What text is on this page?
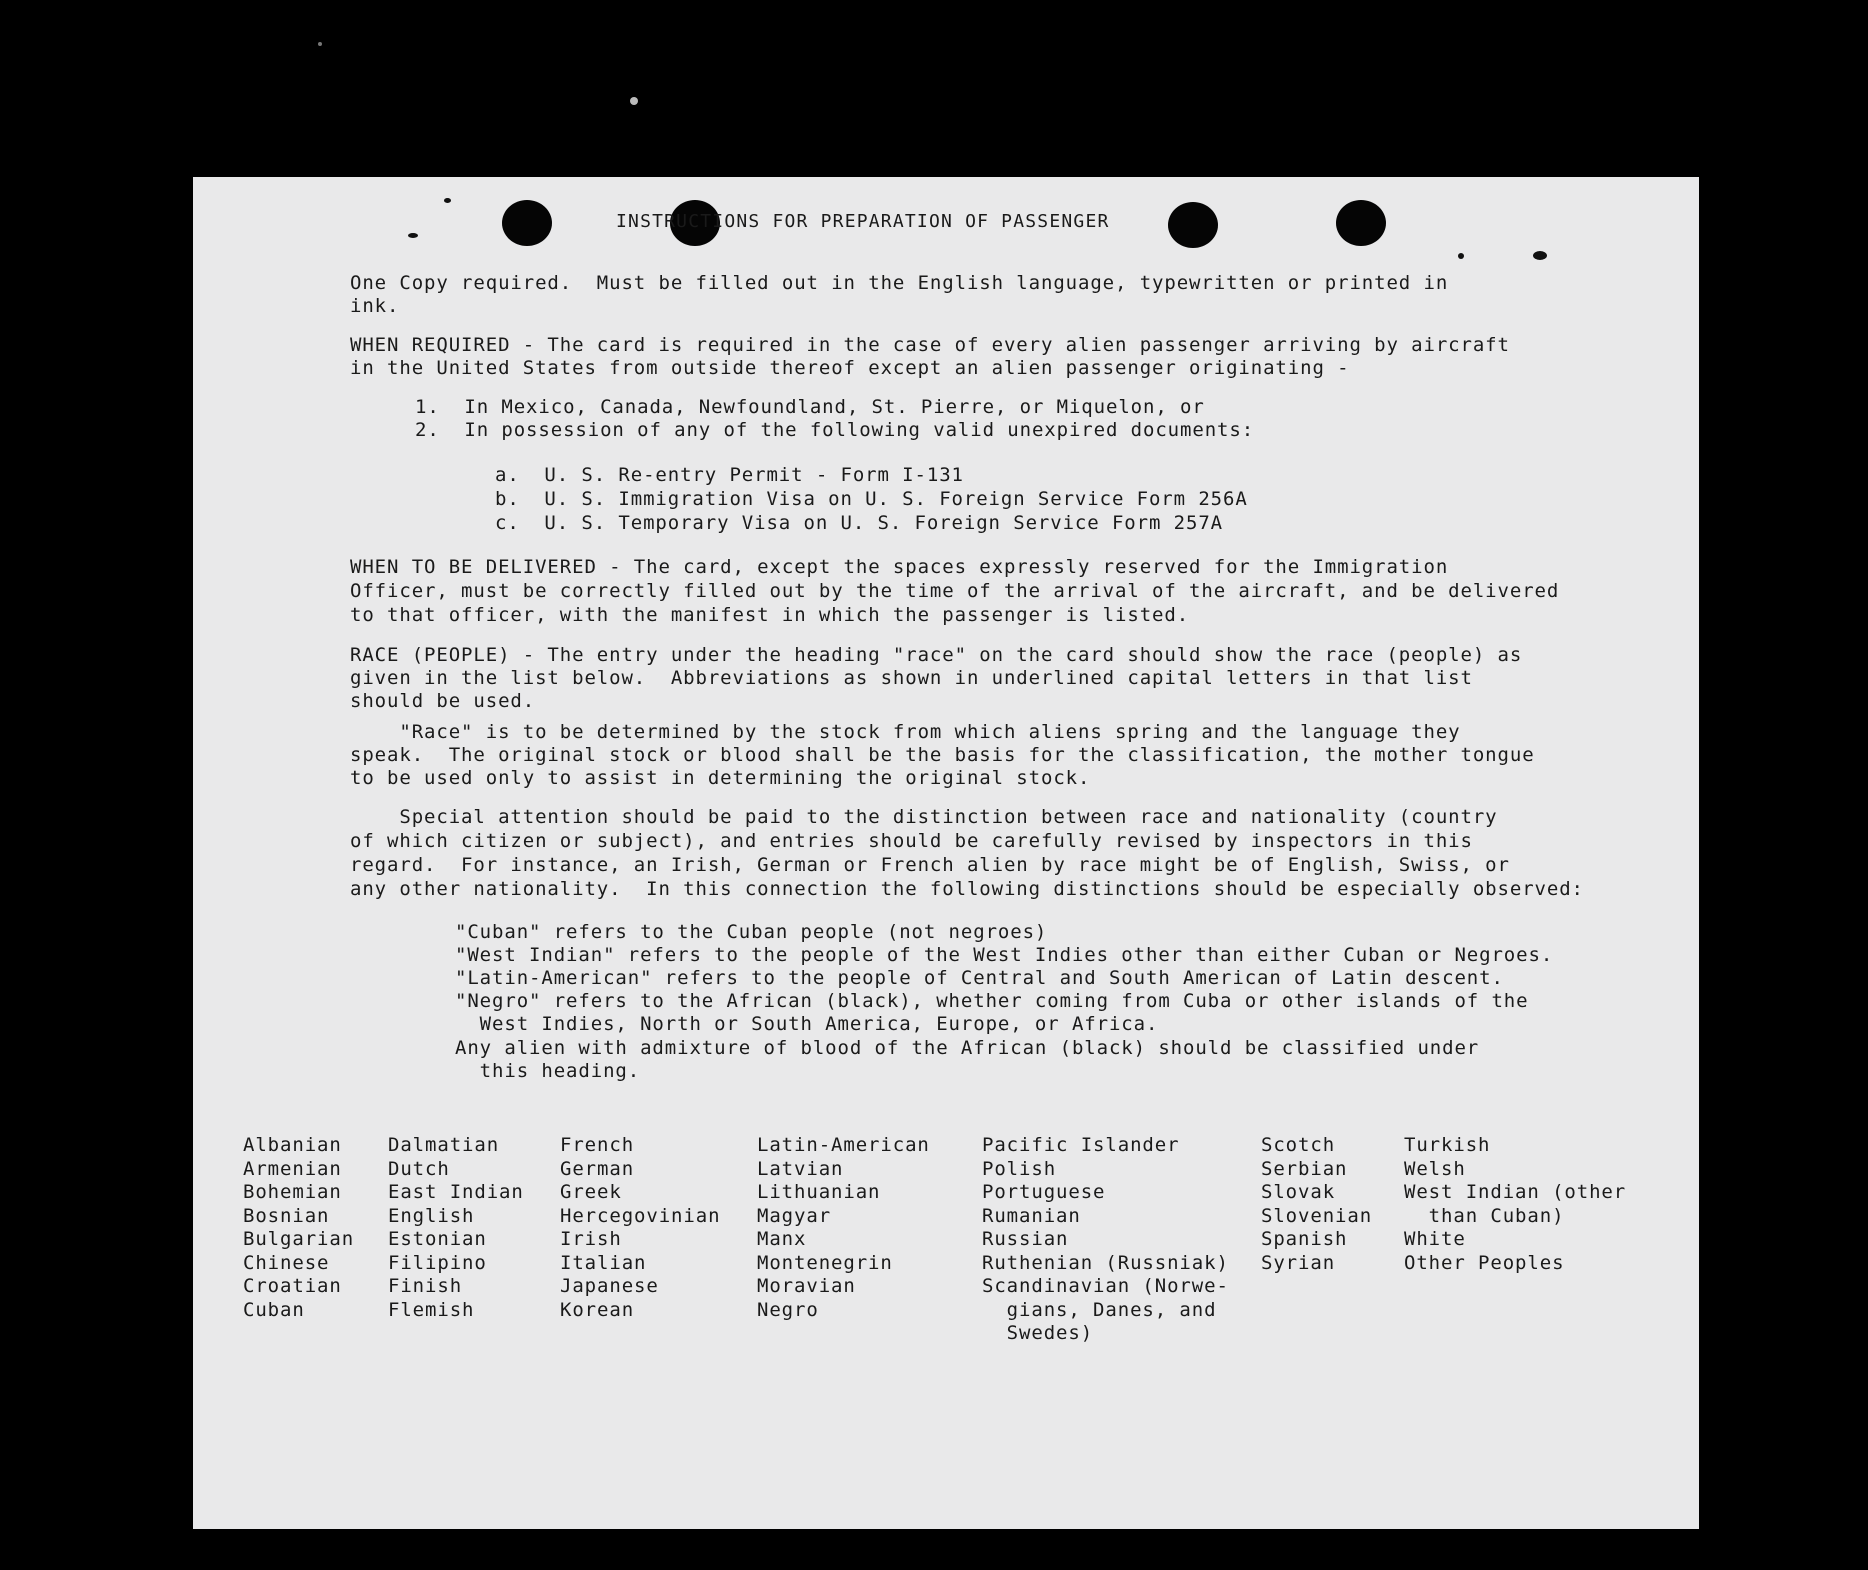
INSTRUCTIONS FOR PREPARATION OF PASSENGER

One Copy required.  Must be filled out in the English language, typewritten or printed in

ink.

WHEN REQUIRED - The card is required in the case of every alien passenger arriving by aircraft

in the United States from outside thereof except an alien passenger originating -

1.  In Mexico, Canada, Newfoundland, St. Pierre, or Miquelon, or

2.  In possession of any of the following valid unexpired documents:

a.  U. S. Re-entry Permit - Form I-131

b.  U. S. Immigration Visa on U. S. Foreign Service Form 256A

c.  U. S. Temporary Visa on U. S. Foreign Service Form 257A

WHEN TO BE DELIVERED - The card, except the spaces expressly reserved for the Immigration

Officer, must be correctly filled out by the time of the arrival of the aircraft, and be delivered

to that officer, with the manifest in which the passenger is listed.

RACE (PEOPLE) - The entry under the heading "race" on the card should show the race (people) as

given in the list below.  Abbreviations as shown in underlined capital letters in that list

should be used.

"Race" is to be determined by the stock from which aliens spring and the language they

speak.  The original stock or blood shall be the basis for the classification, the mother tongue

to be used only to assist in determining the original stock.

Special attention should be paid to the distinction between race and nationality (country

of which citizen or subject), and entries should be carefully revised by inspectors in this

regard.  For instance, an Irish, German or French alien by race might be of English, Swiss, or

any other nationality.  In this connection the following distinctions should be especially observed:

"Cuban" refers to the Cuban people (not negroes)

"West Indian" refers to the people of the West Indies other than either Cuban or Negroes.

"Latin-American" refers to the people of Central and South American of Latin descent.

"Negro" refers to the African (black), whether coming from Cuba or other islands of the

West Indies, North or South America, Europe, or Africa.

Any alien with admixture of blood of the African (black) should be classified under

this heading.

Albanian

Armenian

Bohemian

Bosnian

Bulgarian

Chinese

Croatian

Cuban

Dalmatian

Dutch

East Indian

English

Estonian

Filipino

Finish

Flemish

French

German

Greek

Hercegovinian

Irish

Italian

Japanese

Korean

Latin-American

Latvian

Lithuanian

Magyar

Manx

Montenegrin

Moravian

Negro

Pacific Islander

Polish

Portuguese

Rumanian

Russian

Ruthenian (Russniak)

Scandinavian (Norwe-

gians, Danes, and

Swedes)

Scotch

Serbian

Slovak

Slovenian

Spanish

Syrian

Turkish

Welsh

West Indian (other

than Cuban)

White

Other Peoples
